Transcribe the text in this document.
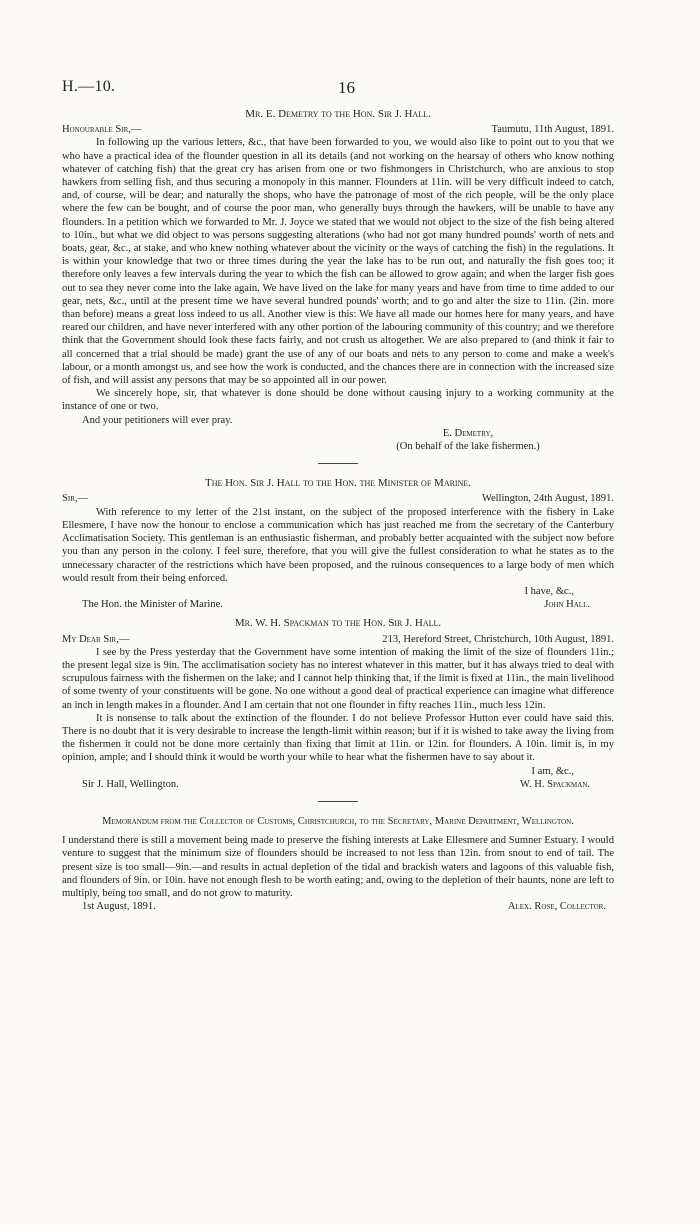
H.—10.	16
Mr. E. Demetry to the Hon. Sir J. Hall.
Honourable Sir,—	Taumutu, 11th August, 1891.

In following up the various letters, &c., that have been forwarded to you, we would also like to point out to you that we who have a practical idea of the flounder question in all its details (and not working on the hearsay of others who know nothing whatever of catching fish) that the great cry has arisen from one or two fishmongers in Christchurch, who are anxious to stop hawkers from selling fish, and thus securing a monopoly in this manner. Flounders at 11in. will be very difficult indeed to catch, and, of course, will be dear; and naturally the shops, who have the patronage of most of the rich people, will be the only place where the few can be bought, and of course the poor man, who generally buys through the hawkers, will be unable to have any flounders. In a petition which we forwarded to Mr. J. Joyce we stated that we would not object to the size of the fish being altered to 10in., but what we did object to was persons suggesting alterations (who had not got many hundred pounds' worth of nets and boats, gear, &c., at stake, and who knew nothing whatever about the vicinity or the ways of catching the fish) in the regulations. It is within your knowledge that two or three times during the year the lake has to be run out, and naturally the fish goes too; it therefore only leaves a few intervals during the year to which the fish can be allowed to grow again; and when the larger fish goes out to sea they never come into the lake again. We have lived on the lake for many years and have from time to time added to our gear, nets, &c., until at the present time we have several hundred pounds' worth; and to go and alter the size to 11in. (2in. more than before) means a great loss indeed to us all. Another view is this: We have all made our homes here for many years, and have reared our children, and have never interfered with any other portion of the labouring community of this country; and we therefore think that the Government should look these facts fairly, and not crush us altogether. We are also prepared to (and think it fair to all concerned that a trial should be made) grant the use of any of our boats and nets to any person to come and make a week's labour, or a month amongst us, and see how the work is conducted, and the chances there are in connection with the increased size of fish, and will assist any persons that may be so appointed all in our power.

We sincerely hope, sir, that whatever is done should be done without causing injury to a working community at the instance of one or two.

And your petitioners will ever pray.
E. Demetry,
(On behalf of the lake fishermen.)
The Hon. Sir J. Hall to the Hon. the Minister of Marine.
Sir,—	Wellington, 24th August, 1891.

With reference to my letter of the 21st instant, on the subject of the proposed interference with the fishery in Lake Ellesmere, I have now the honour to enclose a communication which has just reached me from the secretary of the Canterbury Acclimatisation Society. This gentleman is an enthusiastic fisherman, and probably better acquainted with the subject now before you than any person in the colony. I feel sure, therefore, that you will give the fullest consideration to what he states as to the unnecessary character of the restrictions which have been proposed, and the ruinous consequences to a large body of men which would result from their being enforced.

I have, &c.,
The Hon. the Minister of Marine.	John Hall.
Mr. W. H. Spackman to the Hon. Sir J. Hall.
My Dear Sir,—	213, Hereford Street, Christchurch, 10th August, 1891.

I see by the Press yesterday that the Government have some intention of making the limit of the size of flounders 11in.; the present legal size is 9in. The acclimatisation society has no interest whatever in this matter, but it has always tried to deal with scrupulous fairness with the fishermen on the lake; and I cannot help thinking that, if the limit is fixed at 11in., the main livelihood of some twenty of your constituents will be gone. No one without a good deal of practical experience can imagine what difference an inch in length makes in a flounder. And I am certain that not one flounder in fifty reaches 11in., much less 12in.

It is nonsense to talk about the extinction of the flounder. I do not believe Professor Hutton ever could have said this. There is no doubt that it is very desirable to increase the length-limit within reason; but if it is wished to take away the living from the fishermen it could not be done more certainly than fixing that limit at 11in. or 12in. for flounders. A 10in. limit is, in my opinion, ample; and I should think it would be worth your while to hear what the fishermen have to say about it.

I am, &c.,
Sir J. Hall, Wellington.	W. H. Spackman.
Memorandum from the Collector of Customs, Christchurch, to the Secretary, Marine Department, Wellington.

I understand there is still a movement being made to preserve the fishing interests at Lake Ellesmere and Sumner Estuary. I would venture to suggest that the minimum size of flounders should be increased to not less than 12in. from snout to end of tail. The present size is too small—9in.—and results in actual depletion of the tidal and brackish waters and lagoons of this valuable fish, and flounders of 9in. or 10in. have not enough flesh to be worth eating; and, owing to the depletion of their haunts, none are left to multiply, being too small, and do not grow to maturity.

1st August, 1891.	Alex. Rose, Collector.
